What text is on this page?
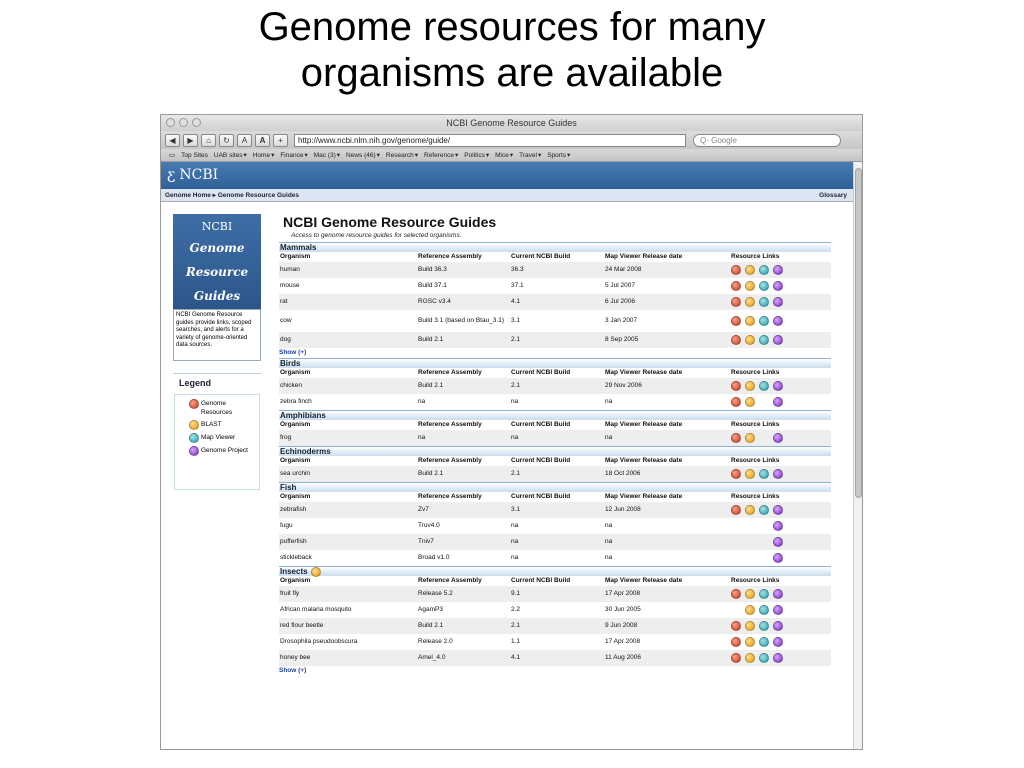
Genome resources for many
organisms are available
NCBI Genome Resource Guides
◀	▶	⌂	↻	A	A	+	http://www.ncbi.nlm.nih.gov/genome/guide/	Q- Google
▭ Top Sites UAB sites ▾ Home ▾ Finance ▾ Mac (3) ▾ News (46) ▾ Research ▾ Reference ▾ Politics ▾ Mice ▾ Travel ▾ Sports ▾
ƹ NCBI
Genome Home ▸ Genome Resource Guides	Glossary
NCBI
Genome
Resource
Guides
NCBI Genome Resource guides provide links, scoped searches, and alerts for a variety of genome-oriented data sources.
Legend
Genome Resources
BLAST
Map Viewer
Genome Project
NCBI Genome Resource Guides
Access to genome resource guides for selected organisms.
Mammals
Organism	Reference Assembly	Current NCBI Build	Map Viewer Release date	Resource Links
human	Build 36.3	36.3	24 Mar 2008
mouse	Build 37.1	37.1	5 Jul 2007
rat	RGSC v3.4	4.1	6 Jul 2006
cow	Build 3.1 (based on Btau_3.1)	3.1	3 Jan 2007
dog	Build 2.1	2.1	8 Sep 2005
Show (+)
Birds
Organism	Reference Assembly	Current NCBI Build	Map Viewer Release date	Resource Links
chicken	Build 2.1	2.1	29 Nov 2006
zebra finch	na	na	na
Amphibians
Organism	Reference Assembly	Current NCBI Build	Map Viewer Release date	Resource Links
frog	na	na	na
Echinoderms
Organism	Reference Assembly	Current NCBI Build	Map Viewer Release date	Resource Links
sea urchin	Build 2.1	2.1	18 Oct 2006
Fish
Organism	Reference Assembly	Current NCBI Build	Map Viewer Release date	Resource Links
zebrafish	Zv7	3.1	12 Jun 2008
fugu	Truv4.0	na	na
pufferfish	Tniv7	na	na
stickleback	Broad v1.0	na	na
Insects
Organism	Reference Assembly	Current NCBI Build	Map Viewer Release date	Resource Links
fruit fly	Release 5.2	9.1	17 Apr 2008
African malaria mosquito	AgamP3	2.2	30 Jun 2005
red flour beetle	Build 2.1	2.1	9 Jun 2008
Drosophila pseudoobscura	Release 2.0	1.1	17 Apr 2008
honey bee	Amel_4.0	4.1	11 Aug 2006
Show (+)
